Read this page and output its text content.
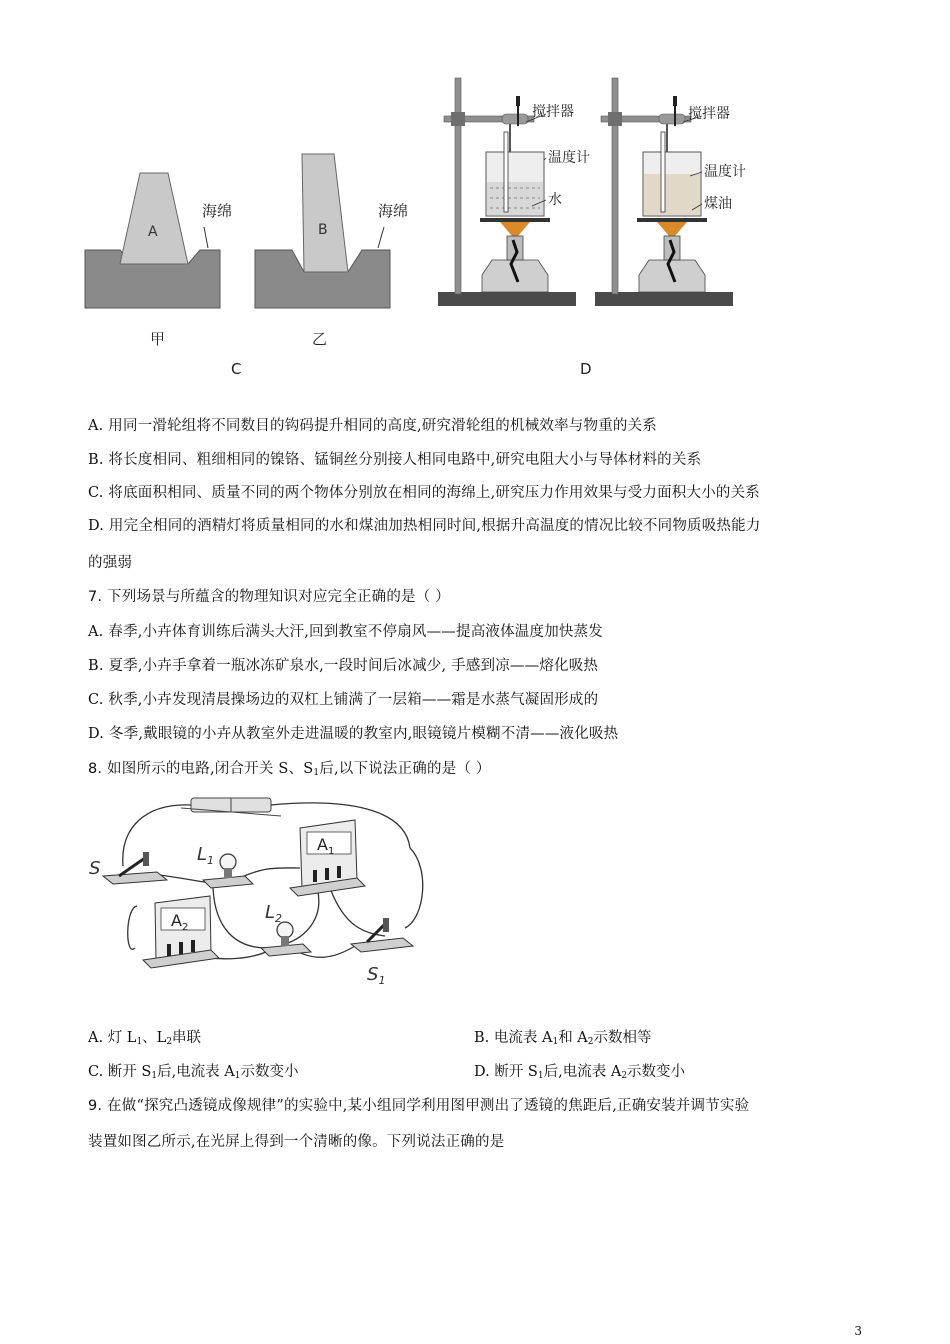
A
海绵
B
海绵
甲	乙
C
搅拌器
温度计
水
搅拌器
温度计
煤油
D
A. 用同一滑轮组将不同数目的钩码提升相同的高度,研究滑轮组的机械效率与物重的关系
B. 将长度相同、粗细相同的镍铬、锰铜丝分别接人相同电路中,研究电阻大小与导体材料的关系
C. 将底面积相同、质量不同的两个物体分别放在相同的海绵上,研究压力作用效果与受力面积大小的关系
D. 用完全相同的酒精灯将质量相同的水和煤油加热相同时间,根据升高温度的情况比较不同物质吸热能力
的强弱
7. 下列场景与所蕴含的物理知识对应完全正确的是（ ）
A. 春季,小卉体育训练后满头大汗,回到教室不停扇风——提高液体温度加快蒸发
B. 夏季,小卉手拿着一瓶冰冻矿泉水,一段时间后冰减少, 手感到凉——熔化吸热
C. 秋季,小卉发现清晨操场边的双杠上铺满了一层箱——霜是水蒸气凝固形成的
D. 冬季,戴眼镜的小卉从教室外走进温暖的教室内,眼镜镜片模糊不清——液化吸热
8. 如图所示的电路,闭合开关 S、$S_1$后,以下说法正确的是（ ）
S
$L_1$
$A_1$
$A_2$
$L_2$
$S_1$
A. 灯 $L_1$、$L_2$串联	B. 电流表 $A_1$和 $A_2$示数相等
C. 断开 $S_1$后,电流表 $A_1$示数变小	D. 断开 $S_1$后,电流表 $A_2$示数变小
9. 在做“探究凸透镜成像规律”的实验中,某小组同学利用图甲测出了透镜的焦距后,正确安装并调节实验
装置如图乙所示,在光屏上得到一个清晰的像。下列说法正确的是
3
